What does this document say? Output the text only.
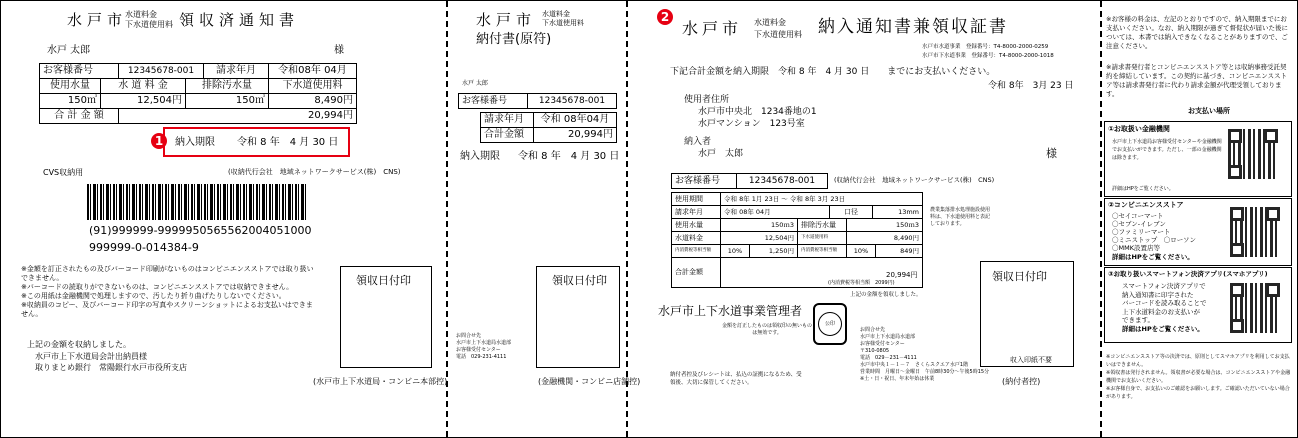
水戸市
水道料金
下水道使用料 領収済通知書
水戸 太郎	様
お客様番号	12345678-001	請求年月	令和08年 04月
使用水量	水 道 料 金	排除汚水量	下水道使用料
150㎥	12,504円	150㎥	8,490円
合 計 金 額	20,994円
1	納入期限 令和 8 年　4 月 30 日
CVS収納用	(収納代行会社　地域ネットワークサービス(株)　CNS)
(91)999999-9999950565562004051000
999999-0-014384-9
※金額を訂正されたもの及びバーコード印刷がないものはコンビニエンスストアでは取り扱いできません。
※バーコードの読取りができないものは、コンビニエンスストアでは収納できません。
※この用紙は金融機関で処理しますので、汚したり折り曲げたりしないでください。
※収納員のコピー、及びバーコード印字の写真やスクリーンショットによるお支払いはできません。
上記の金額を収納しました。
水戸市上下水道局会計出納員様
取りまとめ銀行　常陽銀行水戸市役所支店
領収日付印
(水戸市上下水道局・コンビニ本部控)
水戸市 水道料金
下水道使用料
納付書(原符)
水戸 太郎
お客様番号	12345678-001
請求年月	令和 08年04月
合計金額	20,994円
納入期限 令和 8 年　4 月 30 日
領収日付印
お問合せ先
水戸市上下水道局水道部
お客様受付センター
電話　029-231-4111
(金融機関・コンビニ店舗控)
2
水戸市 水道料金
下水道使用料 納入通知書兼領収証書
水戸市水道事業　登録番号：T4-8000-2000-0259
水戸市下水道事業　登録番号：T4-8000-2000-1018
下記合計金額を納入期限　令和 8 年　4 月 30 日　　までにお支払いください。
令和 8年　3月 23 日
使用者住所
水戸市中央北　1234番地の1
水戸マンション　123号室
納入者
水戸　太郎	様
お客様番号	12345678-001	(収納代行会社　地域ネットワークサービス(株)　CNS)
使用期間	令和 8年 1月 23日 ～ 令和 8年 3月 23日
請求年月	令和 08年 04月	口径	13mm
使用水量	150ｍ3	排除汚水量	150ｍ3
水道料金	12,504円	下水道使用料	8,490円
内消費税等相当額	10%	1,250円	内消費税等相当額	10%	849円
合計金額	20,994円
(内消費税等相当額　2099円)
農業集落排水処理施設使用料は、下水道使用料と表記しております。
上記の金額を領収しました。
水戸市上下水道事業管理者
金額を訂正したものは領収印の無いものは無効です。
公印
お問合せ先
水戸市上下水道局水道部
お客様受付センター
〒310-0805
電話　029－231－4111
水戸市中央１－１－７　さくらスクエア水戸1階
営業時間　月曜日～金曜日　午前8時30分～午後5時15分
※土・日・祝日、年末年始は休業
納付者控及びレシートは、払込の証拠になるため、受領後、大切に保管してください。
領収日付印
収入印紙不要
(納付者控)
※お客様の料金は、左記のとおりですので、納入期限までにお支払いください。なお、納入期限が過ぎて督促状が届いた後については、本書では納入できなくなることがありますので、ご注意ください。
※請求書発行者とコンビニエンスストア等とは収納事務受託契約を締結しています。この契約に基づき、コンビニエンスストア等は請求書発行者に代わり請求金額が代理受領しております。
お支払い場所
①お取扱い金融機関
水戸市上下水道局お客様受付センターや金融機関でお支払いができます。ただし、一部の金融機関は除きます。
詳細はHPをご覧ください。
②コンビニエンスストア
〇セイコーマート
〇セブン-イレブン
〇ファミリーマート
〇ミニストップ　〇ローソン
〇MMK設置店等
詳細はHPをご覧ください。
③お取り扱いスマートフォン決済アプリ(スマホアプリ)
スマートフォン決済アプリで
納入通知書に印字された
バーコードを読み取ることで
上下水道料金のお支払いが
できます。
詳細はHPをご覧ください。
※コンビニエンスストア等の決済では、原則としてスマホアプリを利用してお支払いはできません。
※領収書は発行されません。領収書が必要な場合は、コンビニエンスストアや金融機関でお支払いください。
※お客様自身で、お支払いのご確認をお願いします。ご確認いただいていない場合があります。
